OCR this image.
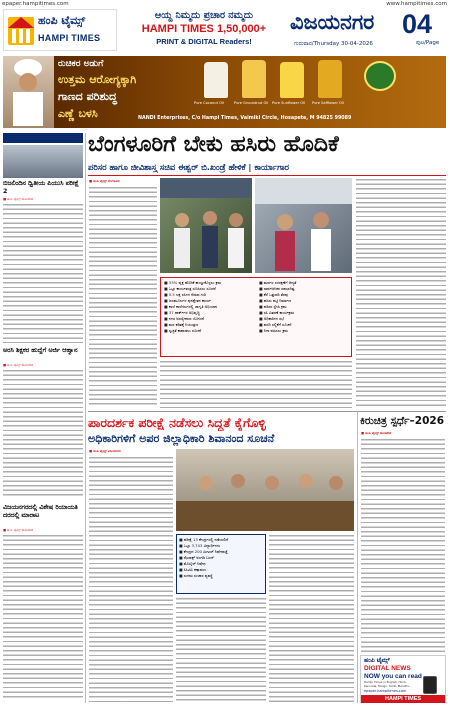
epaper.hampitimes.com	www.hampitimes.com
ಹಂಪಿ ಟೈಮ್ಸ್
HAMPI TIMES
ಆಯ್ದ ನಿಮ್ಮದು ಪ್ರಚಾರ ನಮ್ಮದು
HAMPI TIMES 1,50,000+
PRINT & DIGITAL Readers!
ವಿಜಯನಗರ
ಗುರುವಾರ/Thursday 30-04-2026
04
ಪುಟ/Page
ರುಚಿಕರ ಅಡುಗೆ
ಉತ್ತಮ ಆರೋಗ್ಯಕ್ಕಾಗಿ
ಗಾಣದ ಪರಿಶುದ್ಧ
ಎಣ್ಣೆ ಬಳಸಿ
Pure Coconut Oil	Pure Groundnut Oil Pure Sunflower Oil Pure Safflower Oil
NANDI Enterprises, C/o Hampi Times, Valmiki Circle, Hosapete, M 94825 99089
ಬಿಜಲಿಂದಿನ ಧ್ವಿತೀಯ ಪಿಯುಸಿ ಪರೀಕ್ಷೆ 2
■ ಹಂಪಿ ಟೈಮ್ಸ್ ಹೊಸಪೇಟೆ
ಅರಸಿ ಶಿಕ್ಷಕರ ಹುದ್ದೆಗೆ ಅರ್ಜಿ ಆಹ್ವಾನ
■ ಹಂಪಿ ಟೈಮ್ಸ್ ಹೊಸಪೇಟೆ
ವಿಜಯನಗರದಲ್ಲಿ ವಿಶೇಷ ರಿಯಾಯತಿ ದರದಲ್ಲಿ ಮಾರಾಟ
■ ಹಂಪಿ ಟೈಮ್ಸ್ ಹೊಸಪೇಟೆ
ಬೆಂಗಳೂರಿಗೆ ಬೇಕು ಹಸಿರು ಹೊದಿಕೆ
ಪರಿಸರ ಹಾಗೂ ಜೀವಿಶಾಸ್ತ್ರ ಸಚಿವ ಈಶ್ವರ್ ಬಿ.ಖಂಡ್ರೆ ಹೇಳಿಕೆ | ಕಾರ್ಯಾಗಾರ
■ ಹಂಪಿ ಟೈಮ್ಸ್ ಬೆಂಗಳೂರು
■ 33% ವೃಕ್ಷ ಹೊದಿಕೆ ಕಾಯ್ದುಕೊಳ್ಳಲು ಕ್ರಮ
■ ಒಟ್ಟು ಕಾರ್ಯತಂತ್ರ ರೂಪಿಸಲು ಸೂಚನೆ
■ 5.5 ಲಕ್ಷ ಸಸಿಗಳ ನೆಡುವ ಗುರಿ
■ ಜಲಮೂಲಗಳ ಪುನಶ್ಚೇತನ ಕಾರ್ಯ
■ ಶಾಲೆ ಕಾಲೇಜುಗಳಲ್ಲಿ ಜಾಗೃತಿ ಅಭಿಯಾನ
■ 37 ಪಾರ್ಕ್‌ಗಳ ಅಭಿವೃದ್ಧಿ
■ ನಗರ ಅರಣ್ಯೀಕರಣ ಯೋಜನೆ
■ ಮರ ಕಡಿತಕ್ಕೆ ನಿಯಂತ್ರಣ
■ ಸ್ವಚ್ಛತೆ ಕಾಪಾಡಲು ಸೂಚನೆ
■ ಮರಗಳ ಸಂರಕ್ಷಣೆಗೆ ಆದ್ಯತೆ
■ ಸಾರ್ವಜನಿಕರ ಸಹಭಾಗಿತ್ವ
■ ಕೆರೆ ಒತ್ತುವರಿ ತೆರವು
■ ಹಸಿರು ಪಟ್ಟಿ ನಿರ್ಮಾಣ
■ ಪರಿಸರ ಸ್ನೇಹಿ ಕ್ರಮ
■ ಸಸಿ ವಿತರಣೆ ಕಾರ್ಯಕ್ರಮ
■ ಅಧಿಕಾರಿಗಳ ಸಭೆ
■ ವರದಿ ಸಲ್ಲಿಕೆಗೆ ಸೂಚನೆ
■ ನಿಗಾ ವಹಿಸಲು ಕ್ರಮ
ಪಾರದರ್ಶಕ ಪರೀಕ್ಷೆ ನಡೆಸಲು ಸಿದ್ಧತೆ ಕೈಗೊಳ್ಳಿ
ಅಧಿಕಾರಿಗಳಿಗೆ ಅಪರ ಜಿಲ್ಲಾಧಿಕಾರಿ ಶಿವಾನಂದ ಸೂಚನೆ
■ ಹಂಪಿ ಟೈಮ್ಸ್ ವಿಜಯನಗರ
■ ಪರೀಕ್ಷೆ 13 ಕೇಂದ್ರಗಳಲ್ಲಿ ನಡೆಯಲಿದೆ
■ ಒಟ್ಟು 3,743 ವಿದ್ಯಾರ್ಥಿಗಳು
■ ಕೇಂದ್ರದ 200 ಮೀಟರ್ ನಿಷೇಧಾಜ್ಞೆ
■ ಝೆರಾಕ್ಸ್ ಅಂಗಡಿ ಬಂದ್
■ ಮೊಬೈಲ್ ನಿಷೇಧ
■ ಸಿಸಿಟಿವಿ ಕಣ್ಗಾವಲು
■ ಸುಗಮ ಸಂಚಾರ ವ್ಯವಸ್ಥೆ
ಕಿರುಚಿತ್ರ ಸ್ಪರ್ಧೆ–2026
■ ಹಂಪಿ ಟೈಮ್ಸ್ ಹೊಸಪೇಟೆ
ಹಂಪಿ ಟೈಮ್ಸ್
DIGITAL NEWS
NOW you can read
Hampi Times in English, Hindi, Kannada, Telugu, Tamil, Marathi...
epaper.hampitimes.com
HAMPI TIMES
